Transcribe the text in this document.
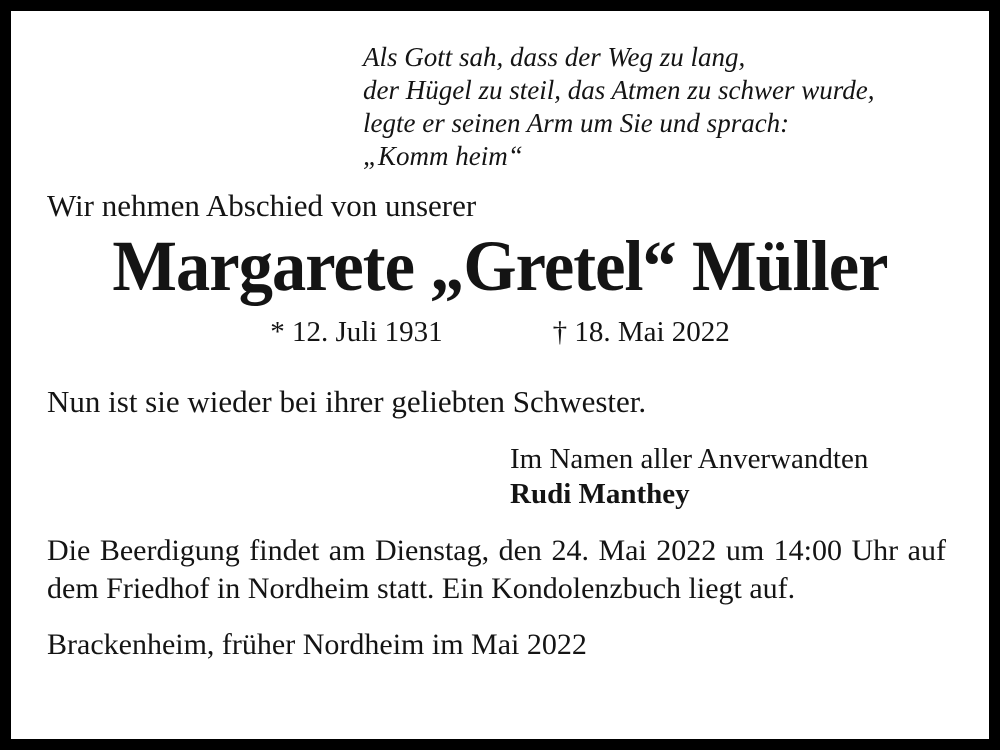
Als Gott sah, dass der Weg zu lang,
der Hügel zu steil, das Atmen zu schwer wurde,
legte er seinen Arm um Sie und sprach:
„Komm heim“
Wir nehmen Abschied von unserer
Margarete „Gretel“ Müller
* 12. Juli 1931	† 18. Mai 2022
Nun ist sie wieder bei ihrer geliebten Schwester.
Im Namen aller Anverwandten
Rudi Manthey

Die Beerdigung findet am Dienstag, den 24. Mai 2022 um 14:00 Uhr auf dem Friedhof in Nordheim statt. Ein Kondolenzbuch liegt auf.

Brackenheim, früher Nordheim im Mai 2022
